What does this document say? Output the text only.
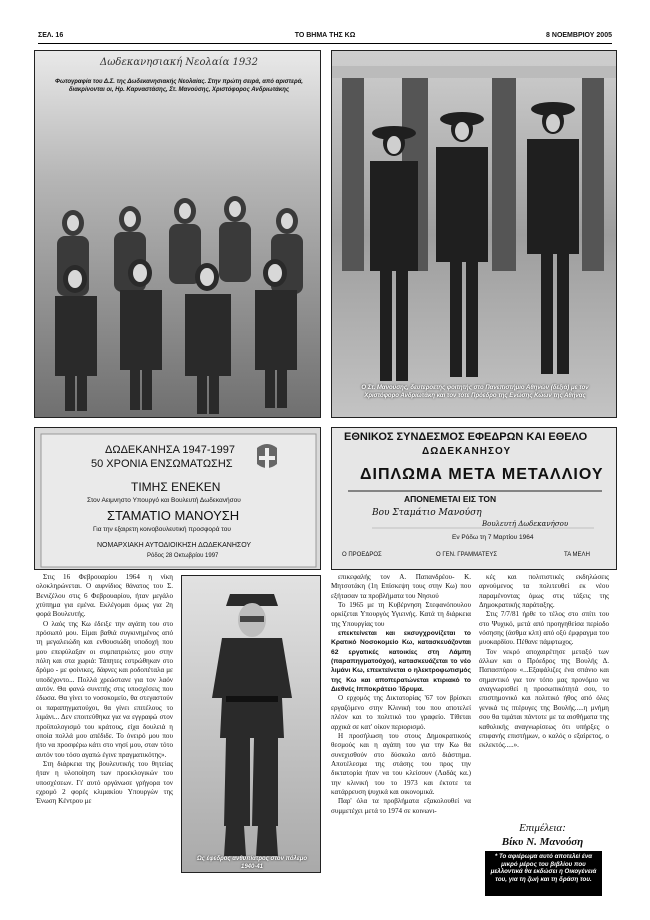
ΣΕΛ. 16	ΤΟ ΒΗΜΑ ΤΗΣ ΚΩ	8 ΝΟΕΜΒΡΙΟΥ 2005
Δωδεκανησιακή Νεολαία 1932
Φωτογραφία του Δ.Σ. της Δωδεκανησιακής Νεολαίας. Στην πρώτη σειρά, από αριστερά, διακρίνονται οι, Ηρ. Καρναστάσης, Στ. Μανούσης, Χριστόφορος Ανδριωτάκης
Ο Στ. Μανούσης, δευτεροετής φοιτητής στο Πανεπιστήμιο Αθηνών (δεξιά) με τον Χριστόφορο Ανδριωτάκη και τον τότε Πρόεδρο της Ενωσης Κώων της Αθήνας
ΔΩΔΕΚΑΝΗΣΑ 1947-1997
50 ΧΡΟΝΙΑ ΕΝΣΩΜΑΤΩΣΗΣ
ΤΙΜΗΣ ΕΝΕΚΕΝ
Στον Αειμνηστο Υπουργό και Βουλευτή Δωδεκανήσου
ΣΤΑΜΑΤΙΟ ΜΑΝΟΥΣΗ
Για την εξαιρετη κοινοβουλευτική προσφορά του
ΝΟΜΑΡΧΙΑΚΗ ΑΥΤΟΔΙΟΙΚΗΣΗ ΔΩΔΕΚΑΝΗΣΟΥ
Ρόδος 28 Οκτωβρίου 1997
ΕΘΝΙΚΟΣ ΣΥΝΔΕΣΜΟΣ ΕΦΕΔΡΩΝ ΚΑΙ ΕΘΕΛΟ
ΔΩΔΕΚΑΝΗΣΟΥ
ΔΙΠΛΩΜΑ ΜΕΤΑ ΜΕΤΑΛΛΙΟΥ
ΑΠΟΝΕΜΕΤΑΙ ΕΙΣ ΤΟΝ
Βου Σταμάτιο Μανούση
Βουλευτή Δωδεκανήσου
Εν Ρόδω τη 7 Μαρτίου 1964
Ο ΠΡΟΕΔΡΟΣ	Ο ΓΕΝ. ΓΡΑΜΜΑΤΕΥΣ	ΤΑ ΜΕΛΗ
Ως έφεδρος ανθυπίατρος στον πόλεμο 1940-41

Στις 16 Φεβρουαρίου 1964 η νίκη ολοκληρώνεται. Ο αιφνίδιος θάνατος του Σ. Βενιζέλου στις 6 Φεβρουαρίου, ήταν μεγάλο χτύπημα για εμένα. Εκλέγομαι όμως για 2η φορά Βουλευτής.

Ο λαός της Κω έδειξε την αγάπη του στο πρόσωπό μου. Είμαι βαθιά συγκινημένος από τη μεγαλειώδη και ενθουσιώδη υποδοχή που μου επεφύλαξαν οι συμπατριώτες μου στην πόλη και στα χωριά: Τάπητες εστρώθηκαν στο δρόμο - με φοίνικες, δάφνες και ροδοπέταλα με υποδέχοντο... Πολλά χρεώστανε για τον λαόν αυτόν. Θα φανώ συνεπής στις υποσχέσεις που έδωσα. Θα γίνει το νοσοκομείο, θα στεγαστούν οι παραπηγματούχοι, θα γίνει επιτέλους το λιμάνι... Δεν εποιτεύθηκα για να εγγραφώ στον προϋπολογισμό του κράτους, είχα δουλειά η οποία πολλά μου απέδιδε. Το όνειρό μου που ήτο να προσφέρω κάτι στο νησί μου, σταν τότο αυτόν του τόσο αγαπώ έγινε πραγματικότης».

Στη διάρκεια της βουλευτικής του θητείας ήταν η υλοποίηση των προεκλογικών του υποσχέσεων. Γι' αυτό οργάνωσε γρήγορα τον εχρομό 2 φορές κλιμακίου Υπουργών της Ένωση Κέντρου με

επικεφαλής τον Α. Παπανδρέου- Κ. Μητσοτάκη (1η Επίσκεψη τους στην Κω) που εξήτασαν τα προβλήματα του Νησιού

Το 1965 με τη Κυβέρνηση Στεφανόπουλου ορκίζεται Υπουργός Υγιεινής. Κατά τη διάρκεια της Υπουργίας του

επεκτείνεται και εκσυγχρονίζεται το Κρατικό Νοσοκομείο Κω, κατασκευάζονται 62 εργατικές κατοικίες στη Λάμπη (παραπηγματούχοι), κατασκευάζεται το νέο λιμάνι Κω, επεκτείνεται ο ηλεκτροφωτισμός της Κω και αποπερατώνεται κτιριακό το Διεθνές Ιπποκράτειο Ίδρυμα.

Ο ερχομός της Δικτατορίας '67 τον βρίσκει εργαζόμενο στην Κλινική του που αποτελεί πλέον και το πολιτικό του γραφείο. Τίθεται αρχικά σε κατ' οίκον περιορισμό.

Η προσήλωση του στους Δημοκρατικούς θεσμούς και η αγάπη του για την Κω θα συνεχισθούν στο δύσκολο αυτό διάστημα. Αποτέλεσμα της στάσης του προς την δικτατορία ήταν να του κλείσουν (Λαδάς κα.) την κλινική του το 1973 και έκτοτε τα κατάρρευση ψυχικά και οικονομικά.

Παρ' όλα τα προβλήματα εξακολουθεί να συμμετέχει μετά το 1974 σε κοινωνι-

κές και πολιτιστικές εκδηλώσεις αρνούμενος τα πολιτευθεί εκ νέου παραμένοντας όμως στις τάξεις της Δημοκρατικής παράταξης.

Στις 7/7/81 ήρθε το τέλος στο σπίτι του στο Ψυχικό, μετά από προηγηθείσα περίοδο νόσησης (άσθμα κλπ) από οξύ έμφραγμα του μυοκαρδίου. Πέθανε πάμφτωχος.

Τον νεκρό αποχαιρέτησε μεταξύ των άλλων και ο Πρόεδρος της Βουλής Δ. Παπασπύρου «...Εξαφάλιζες ένα σπάνιο και σημαντικό για τον τόπο μας προνόμιο να αναγνωρισθεί η προσωπικότητά σου, το επιστημονικό και πολιτικό ήθος από όλες γενικά τις πτέρυγες της Βουλής.....η μνήμη σου θα τιμάται πάντοτε με τα αισθήματα της καθολικής αναγνωρίσεως ότι υπήρξες ο επιφανής επιστήμων, ο καλός ο εξαίρετος, ο εκλεκτός.....».

Επιμέλεια:
Βίκυ Ν. Μανούση
* Το αφιέρωμα αυτό αποτελεί ένα μικρό μέρος του βιβλίου που μελλοντικά θα εκδώσει η Οικογένειά του, για τη ζωή και τη δράση του.
